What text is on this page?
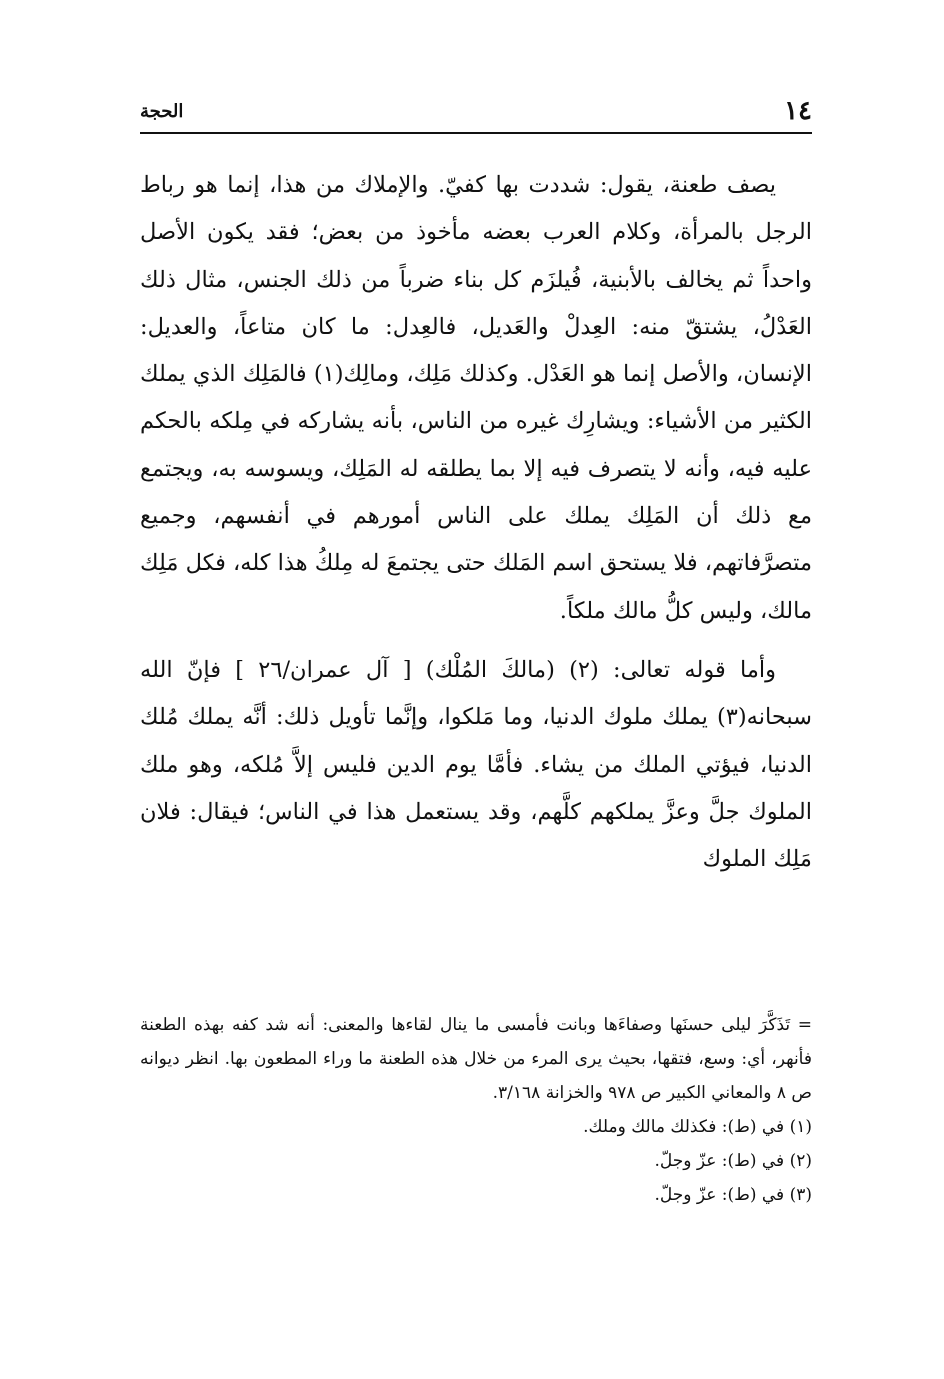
١٤
الحجة

يصف طعنة، يقول: شددت بها كفيّ. والإملاك من هذا، إنما هو رباط الرجل بالمرأة، وكلام العرب بعضه مأخوذ من بعض؛ فقد يكون الأصل واحداً ثم يخالف بالأبنية، فُيلزَم كل بناء ضرباً من ذلك الجنس، مثال ذلك العَدْلُ، يشتقّ منه: العِدلْ والعَديل، فالعِدل: ما كان متاعاً، والعديل: الإنسان، والأصل إنما هو العَدْل. وكذلك مَلِك، ومالِك(١) فالمَلِك الذي يملك الكثير من الأشياء: ويشارِك غيره من الناس، بأنه يشاركه في مِلكه بالحكم عليه فيه، وأنه لا يتصرف فيه إلا بما يطلقه له المَلِك، ويسوسه به، ويجتمع مع ذلك أن المَلِك يملك على الناس أمورهم في أنفسهم، وجميع متصرَّفاتهم، فلا يستحق اسم المَلك حتى يجتمعَ له مِلكُ هذا كله، فكل مَلِك مالك، وليس كلُّ مالك ملكاً.

وأما قوله تعالى: (٢) (مالكَ المُلْك) [ آل عمران/٢٦ ] فإنّ الله سبحانه(٣) يملك ملوك الدنيا، وما مَلكوا، وإنَّما تأويل ذلك: أنَّه يملك مُلك الدنيا، فيؤتي الملك من يشاء. فأمَّا يوم الدين فليس إلاَّ مُلكه، وهو ملك الملوك جلَّ وعزَّ يملكهم كلَّهم، وقد يستعمل هذا في الناس؛ فيقال: فلان مَلِك الملوك

= تَذَكَّرَ ليلى حسنَها وصفاءَها وبانت فأمسى ما ينال لقاءها والمعنى: أنه شد كفه بهذه الطعنة فأنهر، أي: وسع، فتقها، بحيث يرى المرء من خلال هذه الطعنة ما وراء المطعون بها. انظر ديوانه ص ٨ والمعاني الكبير ص ٩٧٨ والخزانة ٣/١٦٨.

(١) في (ط): فكذلك مالك وملك.

(٢) في (ط): عزّ وجلّ.

(٣) في (ط): عزّ وجلّ.
